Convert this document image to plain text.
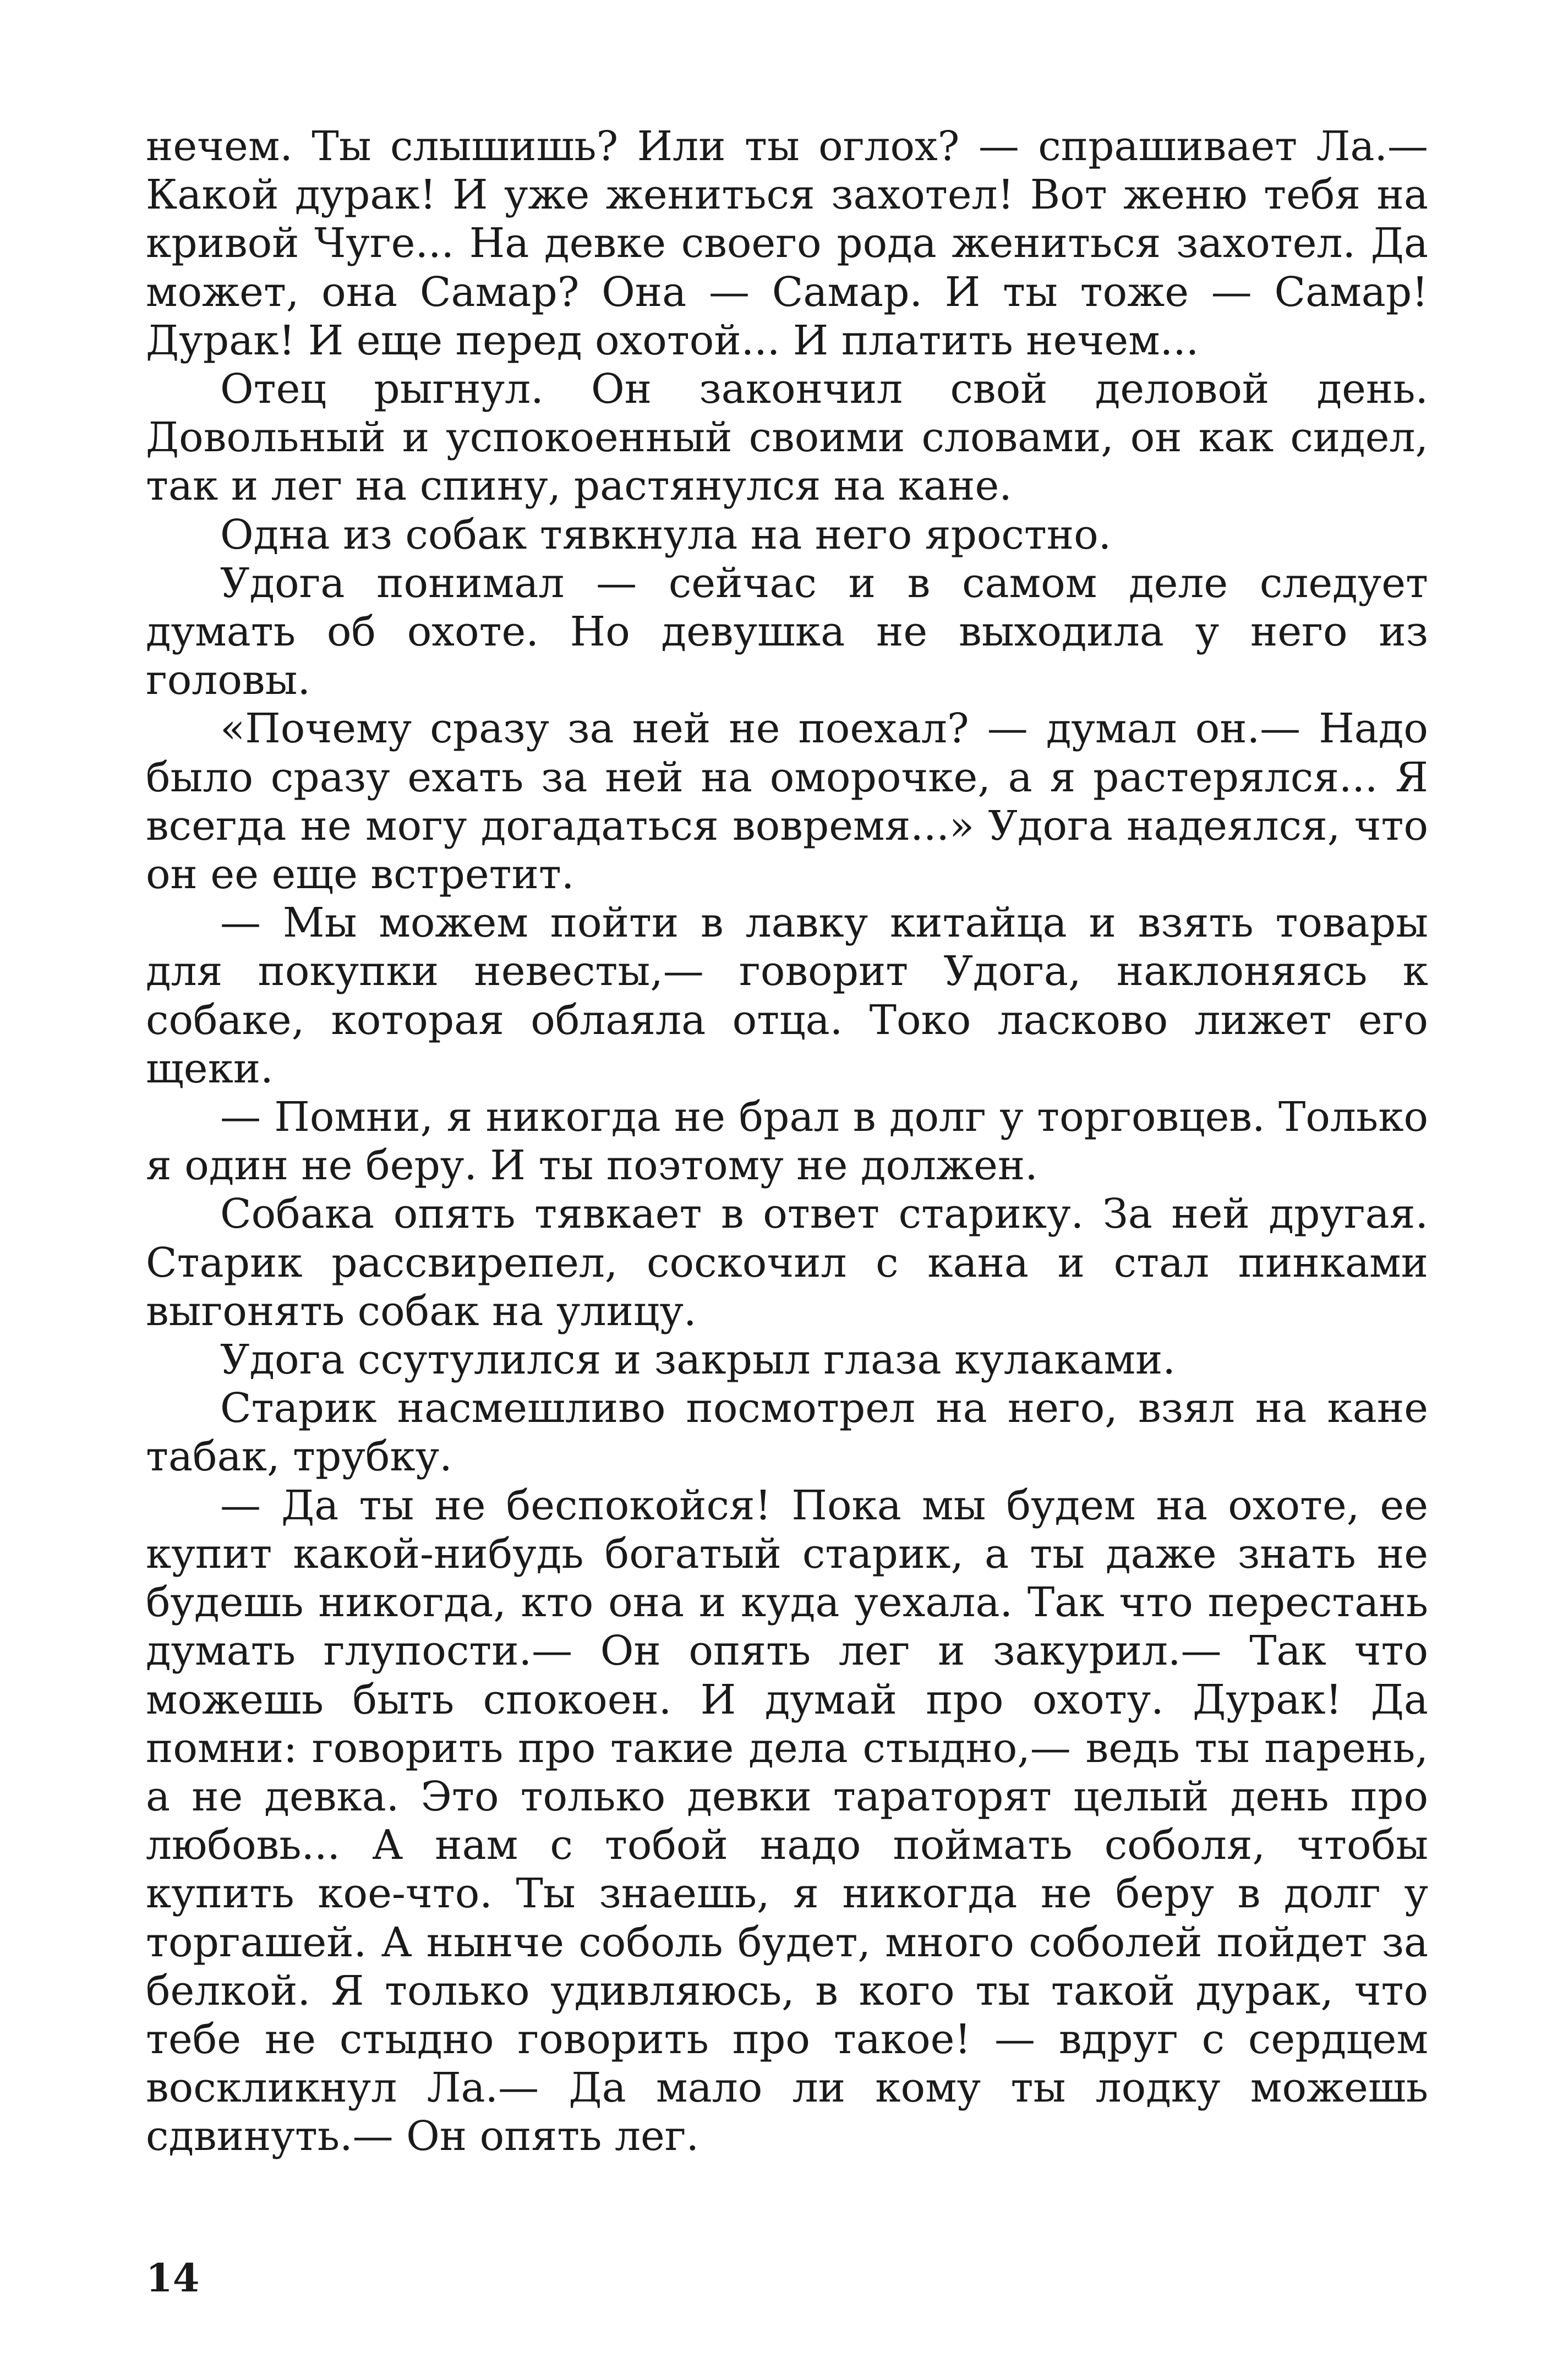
нечем. Ты слышишь? Или ты оглох? — спрашивает Ла.— Какой дурак! И уже жениться захотел! Вот женю тебя на кривой Чуге... На девке своего рода жениться захотел. Да может, она Самар? Она — Самар. И ты тоже — Самар! Дурак! И еще перед охотой... И платить нечем...

Отец рыгнул. Он закончил свой деловой день. Довольный и успокоенный своими словами, он как сидел, так и лег на спину, растянулся на кане.

Одна из собак тявкнула на него яростно.

Удога понимал — сейчас и в самом деле следует думать об охоте. Но девушка не выходила у него из головы.

«Почему сразу за ней не поехал? — думал он.— Надо было сразу ехать за ней на оморочке, а я растерялся... Я всегда не могу догадаться вовремя...» Удога надеялся, что он ее еще встретит.

— Мы можем пойти в лавку китайца и взять товары для покупки невесты,— говорит Удога, наклоняясь к собаке, которая облаяла отца. Токо ласково лижет его щеки.

— Помни, я никогда не брал в долг у торговцев. Только я один не беру. И ты поэтому не должен.

Собака опять тявкает в ответ старику. За ней другая. Старик рассвирепел, соскочил с кана и стал пинками выгонять собак на улицу.

Удога ссутулился и закрыл глаза кулаками.

Старик насмешливо посмотрел на него, взял на кане табак, трубку.

— Да ты не беспокойся! Пока мы будем на охоте, ее купит какой-нибудь богатый старик, а ты даже знать не будешь никогда, кто она и куда уехала. Так что перестань думать глупости.— Он опять лег и закурил.— Так что можешь быть спокоен. И думай про охоту. Дурак! Да помни: говорить про такие дела стыдно,— ведь ты парень, а не девка. Это только девки тараторят целый день про любовь... А нам с тобой надо поймать соболя, чтобы купить кое-что. Ты знаешь, я никогда не беру в долг у торгашей. А нынче соболь будет, много соболей пойдет за белкой. Я только удивляюсь, в кого ты такой дурак, что тебе не стыдно говорить про такое! — вдруг с сердцем воскликнул Ла.— Да мало ли кому ты лодку можешь сдвинуть.— Он опять лег.

14
